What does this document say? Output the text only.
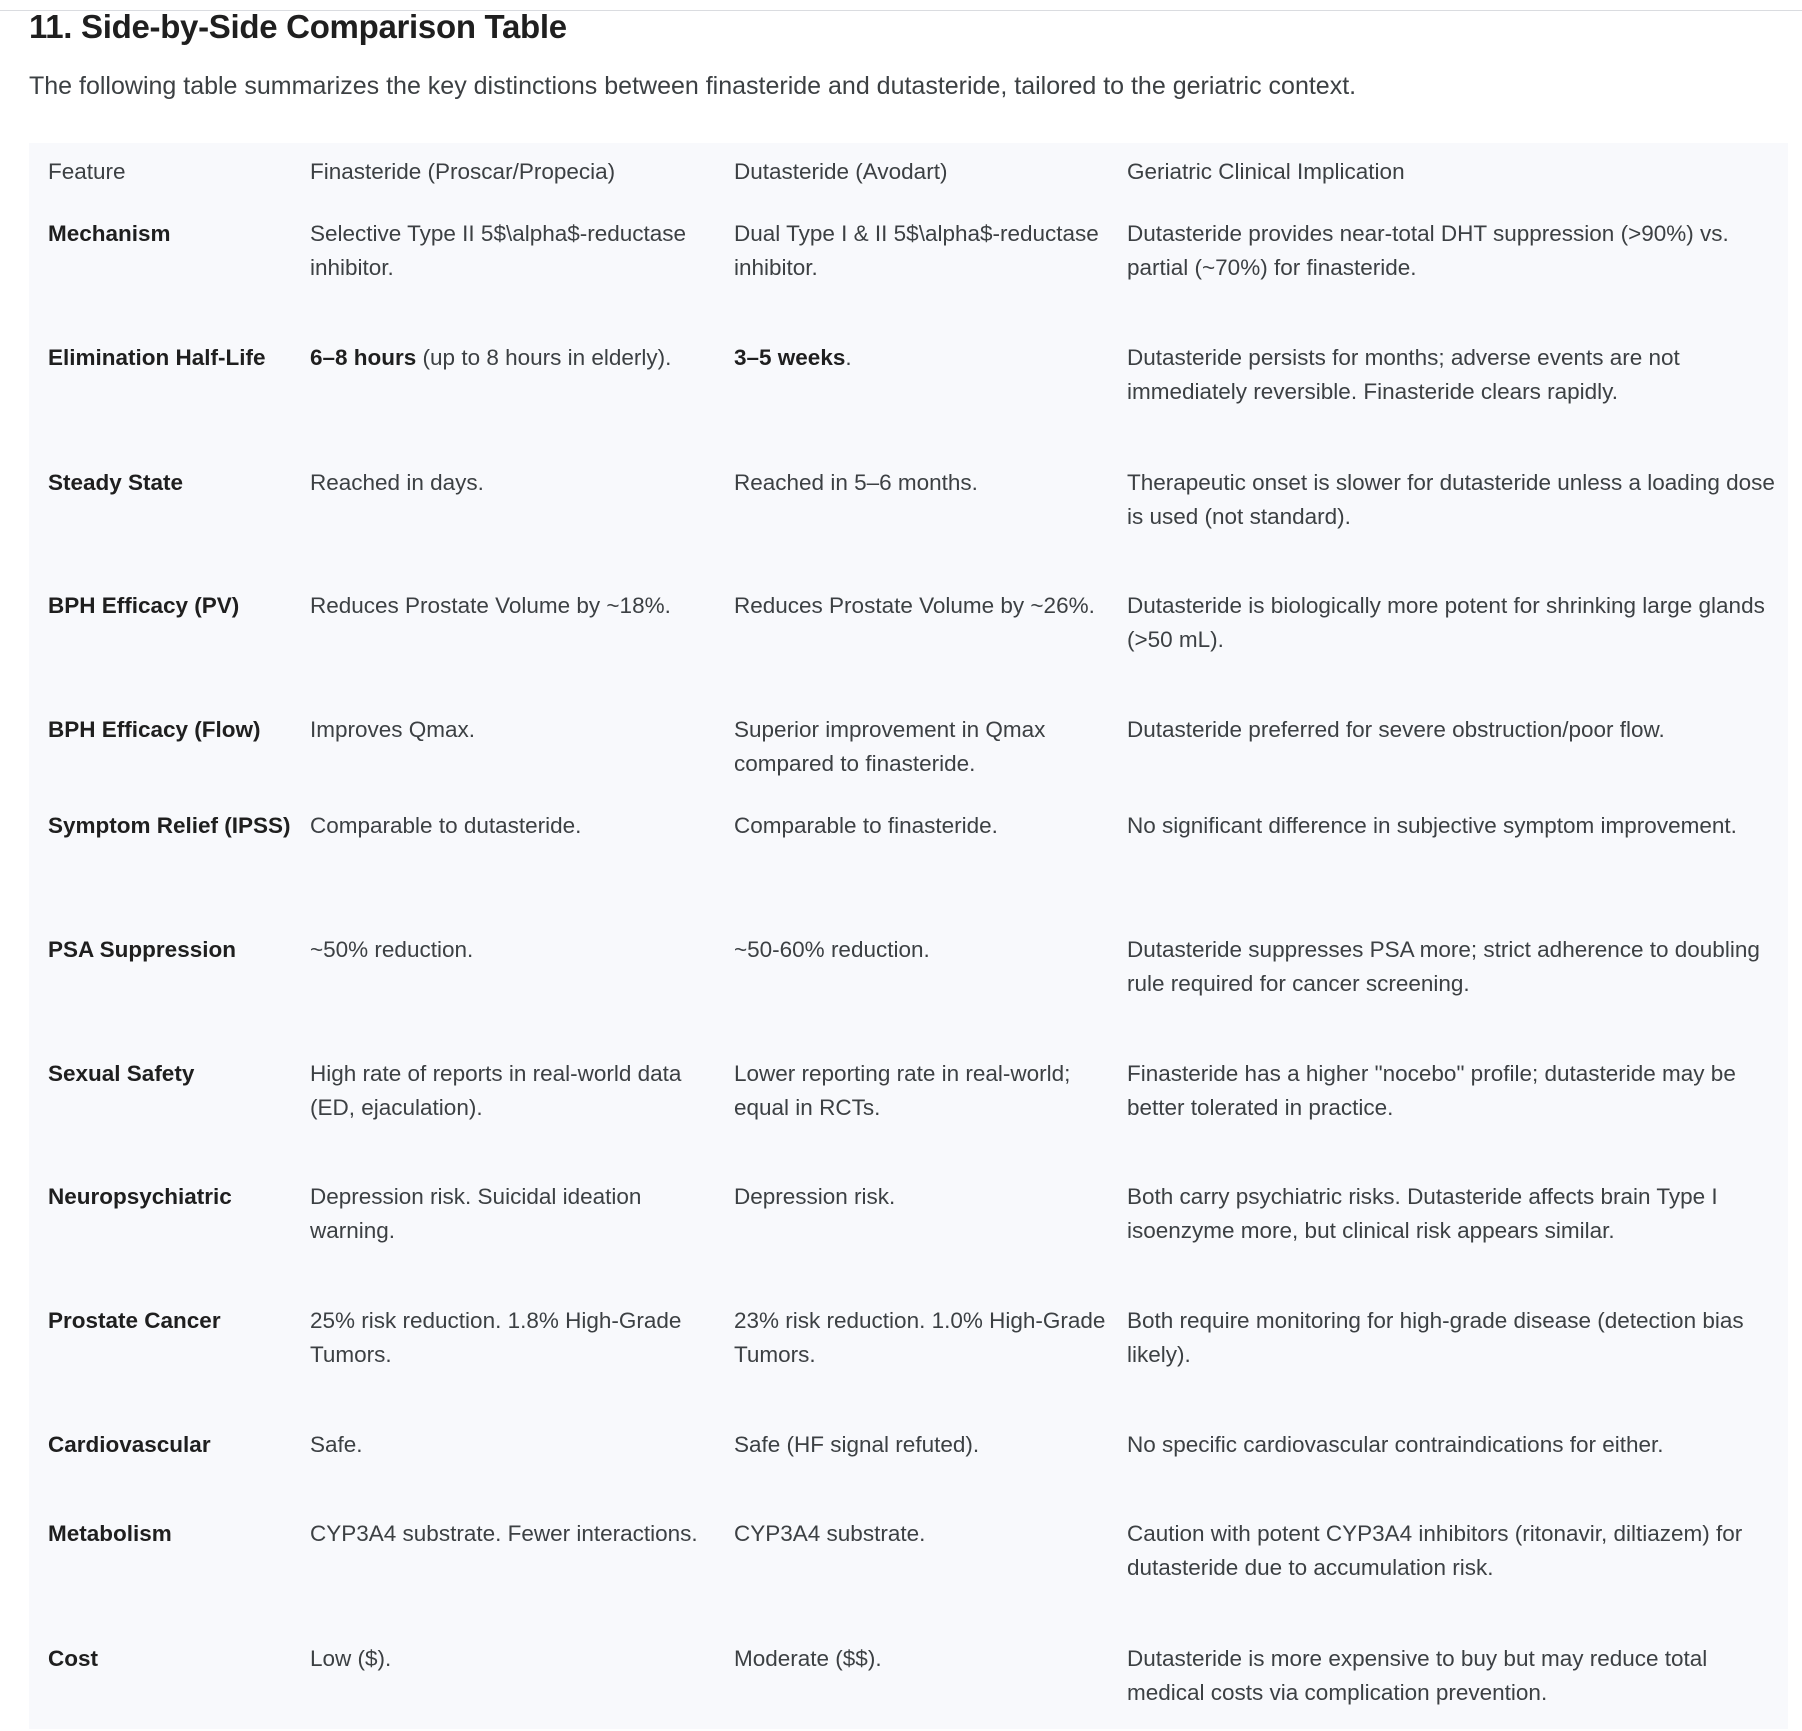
11. Side-by-Side Comparison Table

The following table summarizes the key distinctions between finasteride and dutasteride, tailored to the geriatric context.

Feature	Finasteride (Proscar/Propecia)	Dutasteride (Avodart)	Geriatric Clinical Implication
Mechanism	Selective Type II 5$\alpha$-reductase inhibitor.	Dual Type I & II 5$\alpha$-reductase inhibitor.	Dutasteride provides near-total DHT suppression (>90%) vs. partial (~70%) for finasteride.
Elimination Half-Life	6–8 hours (up to 8 hours in elderly).	3–5 weeks.	Dutasteride persists for months; adverse events are not immediately reversible. Finasteride clears rapidly.
Steady State	Reached in days.	Reached in 5–6 months.	Therapeutic onset is slower for dutasteride unless a loading dose is used (not standard).
BPH Efficacy (PV)	Reduces Prostate Volume by ~18%.	Reduces Prostate Volume by ~26%.	Dutasteride is biologically more potent for shrinking large glands (>50 mL).
BPH Efficacy (Flow)	Improves Qmax.	Superior improvement in Qmax compared to finasteride.	Dutasteride preferred for severe obstruction/poor flow.
Symptom Relief (IPSS)	Comparable to dutasteride.	Comparable to finasteride.	No significant difference in subjective symptom improvement.
PSA Suppression	~50% reduction.	~50-60% reduction.	Dutasteride suppresses PSA more; strict adherence to doubling rule required for cancer screening.
Sexual Safety	High rate of reports in real-world data (ED, ejaculation).	Lower reporting rate in real-world; equal in RCTs.	Finasteride has a higher "nocebo" profile; dutasteride may be better tolerated in practice.
Neuropsychiatric	Depression risk. Suicidal ideation warning.	Depression risk.	Both carry psychiatric risks. Dutasteride affects brain Type I isoenzyme more, but clinical risk appears similar.
Prostate Cancer	25% risk reduction. 1.8% High-Grade Tumors.	23% risk reduction. 1.0% High-Grade Tumors.	Both require monitoring for high-grade disease (detection bias likely).
Cardiovascular	Safe.	Safe (HF signal refuted).	No specific cardiovascular contraindications for either.
Metabolism	CYP3A4 substrate. Fewer interactions.	CYP3A4 substrate.	Caution with potent CYP3A4 inhibitors (ritonavir, diltiazem) for dutasteride due to accumulation risk.
Cost	Low ($).	Moderate ($$).	Dutasteride is more expensive to buy but may reduce total medical costs via complication prevention.
